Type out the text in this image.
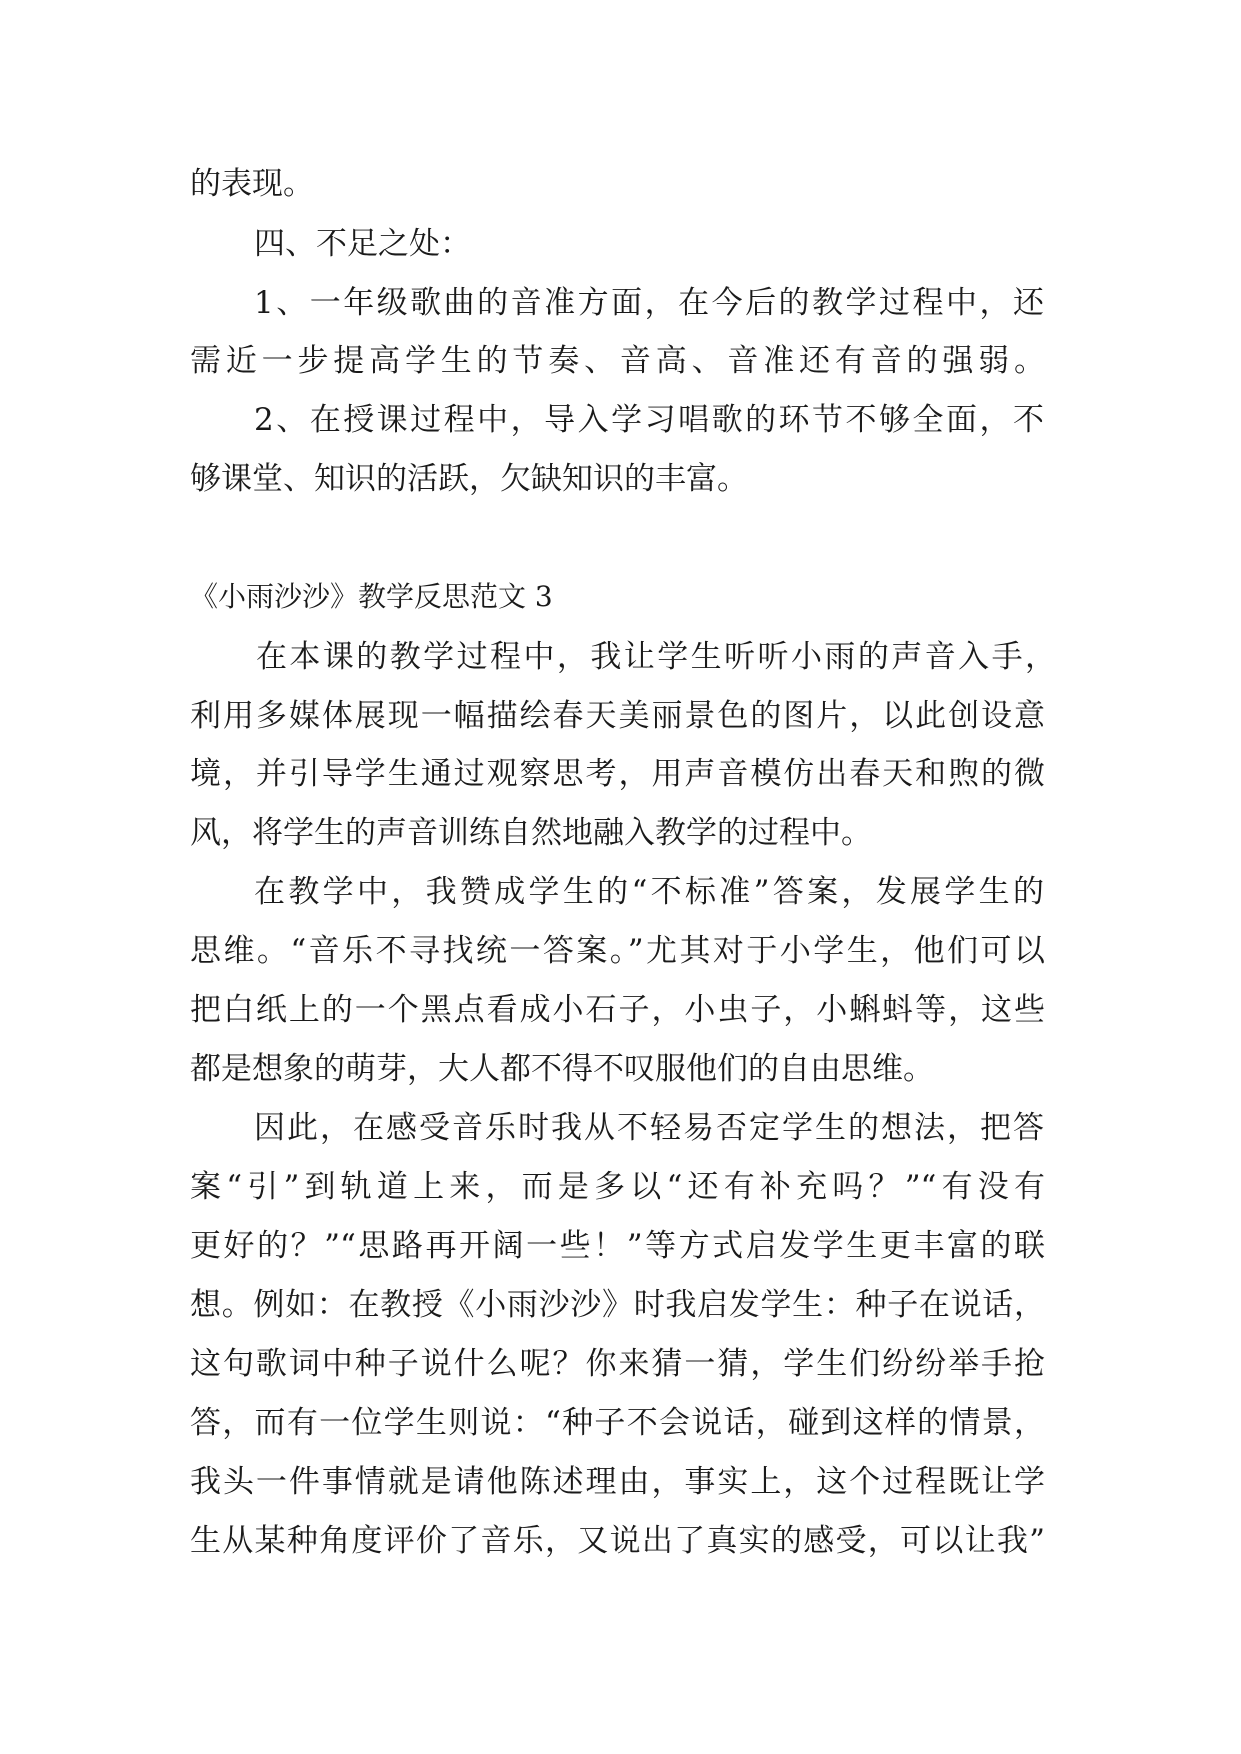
的表现。
四、不足之处：
1、一年级歌曲的音准方面，在今后的教学过程中，还
需近一步提高学生的节奏、音高、音准还有音的强弱。
2、在授课过程中，导入学习唱歌的环节不够全面，不
够课堂、知识的活跃，欠缺知识的丰富。
《小雨沙沙》教学反思范文 3
在本课的教学过程中，我让学生听听小雨的声音入手，
利用多媒体展现一幅描绘春天美丽景色的图片，以此创设意
境，并引导学生通过观察思考，用声音模仿出春天和煦的微
风，将学生的声音训练自然地融入教学的过程中。
在教学中，我赞成学生的“不标准”答案，发展学生的
思维。“音乐不寻找统一答案。”尤其对于小学生，他们可以
把白纸上的一个黑点看成小石子，小虫子，小蝌蚪等，这些
都是想象的萌芽，大人都不得不叹服他们的自由思维。
因此，在感受音乐时我从不轻易否定学生的想法，把答
案“引”到轨道上来，而是多以“还有补充吗？”“有没有
更好的？”“思路再开阔一些！”等方式启发学生更丰富的联
想。例如：在教授《小雨沙沙》时我启发学生：种子在说话，
这句歌词中种子说什么呢？你来猜一猜，学生们纷纷举手抢
答，而有一位学生则说：“种子不会说话，碰到这样的情景，
我头一件事情就是请他陈述理由，事实上，这个过程既让学
生从某种角度评价了音乐，又说出了真实的感受，可以让我”
